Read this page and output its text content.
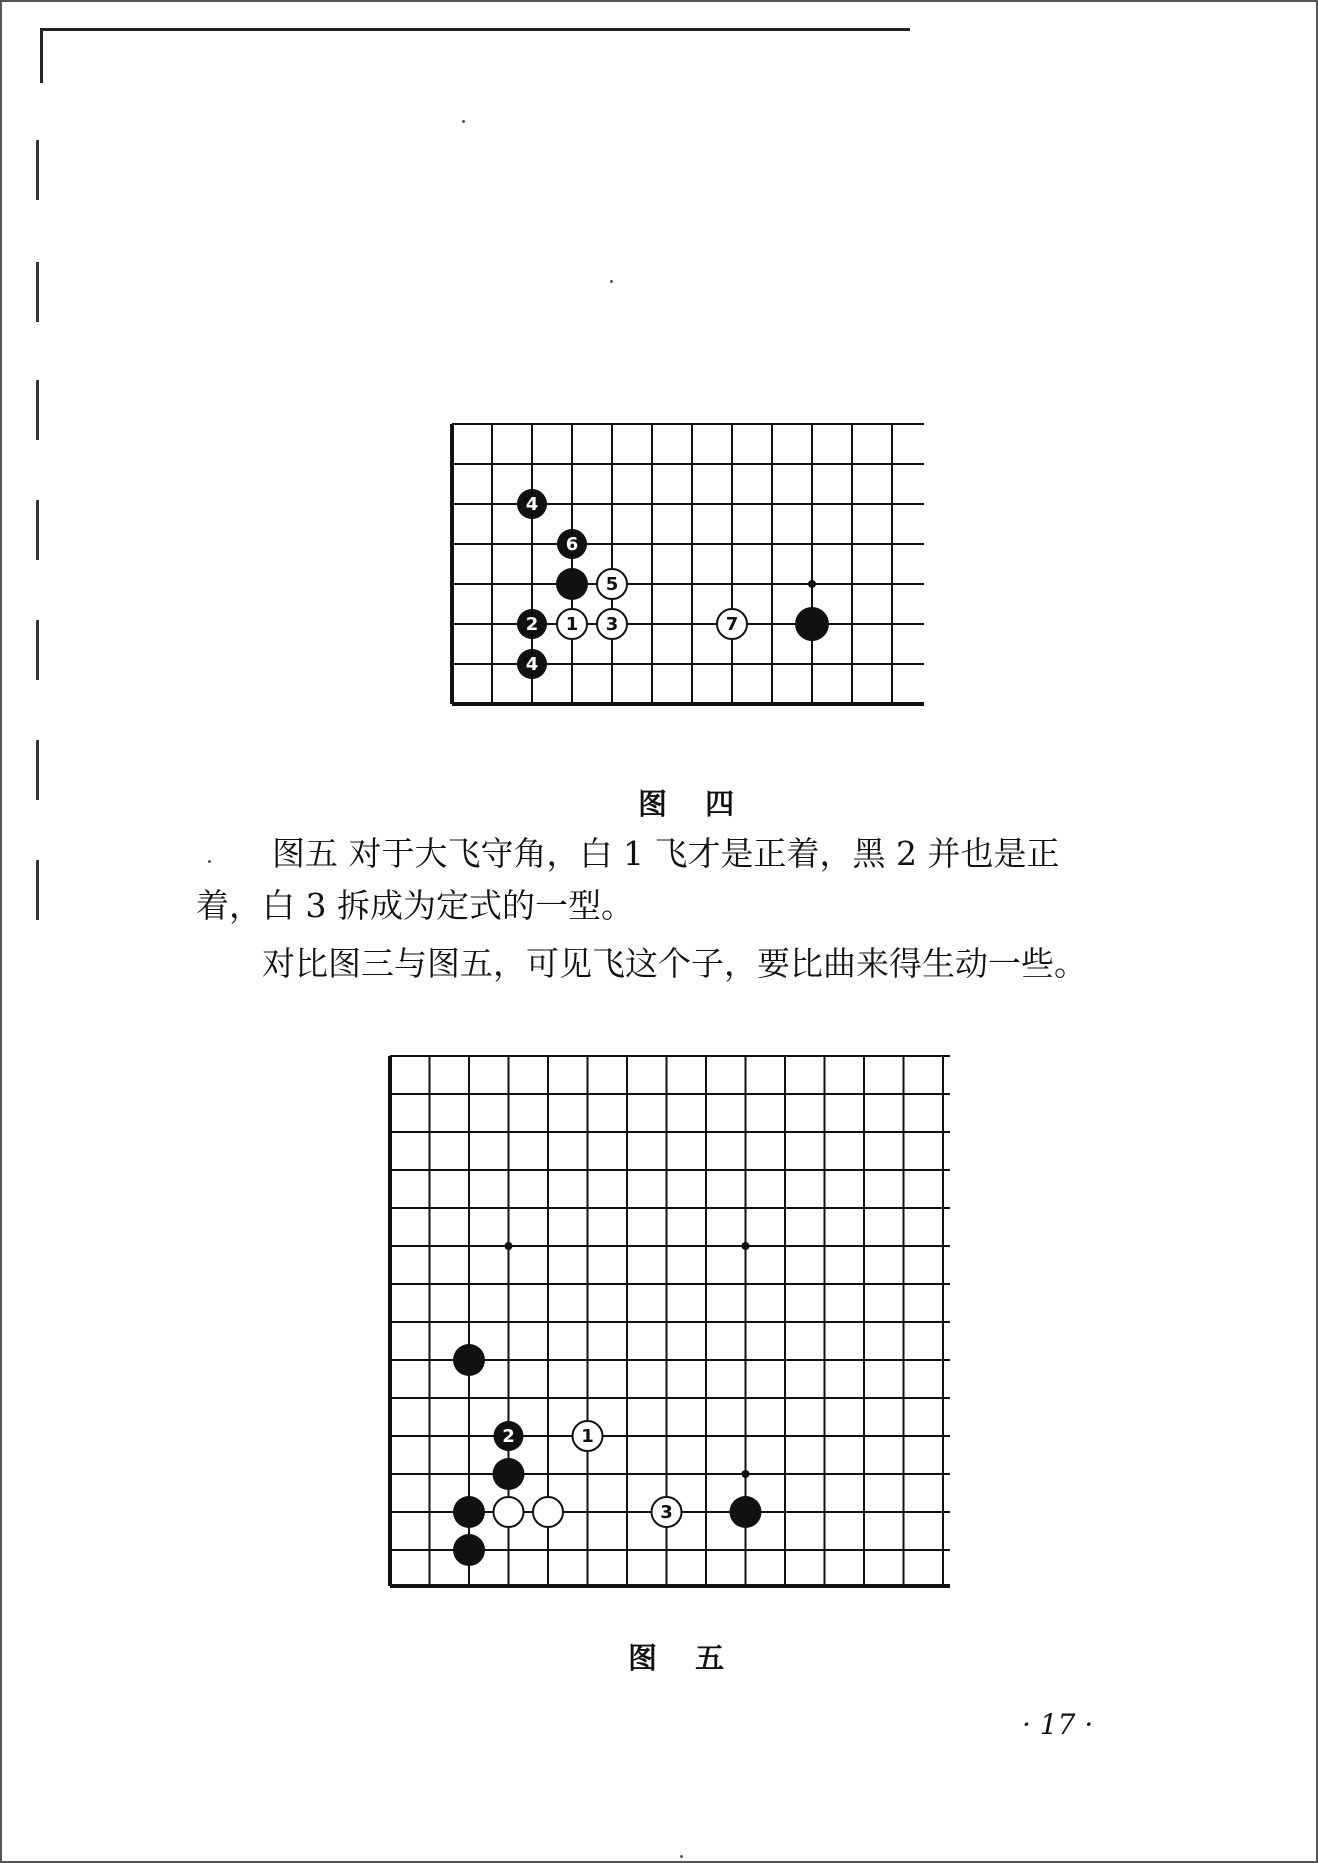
4
6
5
2 1 3	7
4
图 四
图五 对于大飞守角，白 1 飞才是正着，黑 2 并也是正
着，白 3 拆成为定式的一型。
对比图三与图五，可见飞这个子，要比曲来得生动一些。
2	1
3
图 五
· 17 ·
